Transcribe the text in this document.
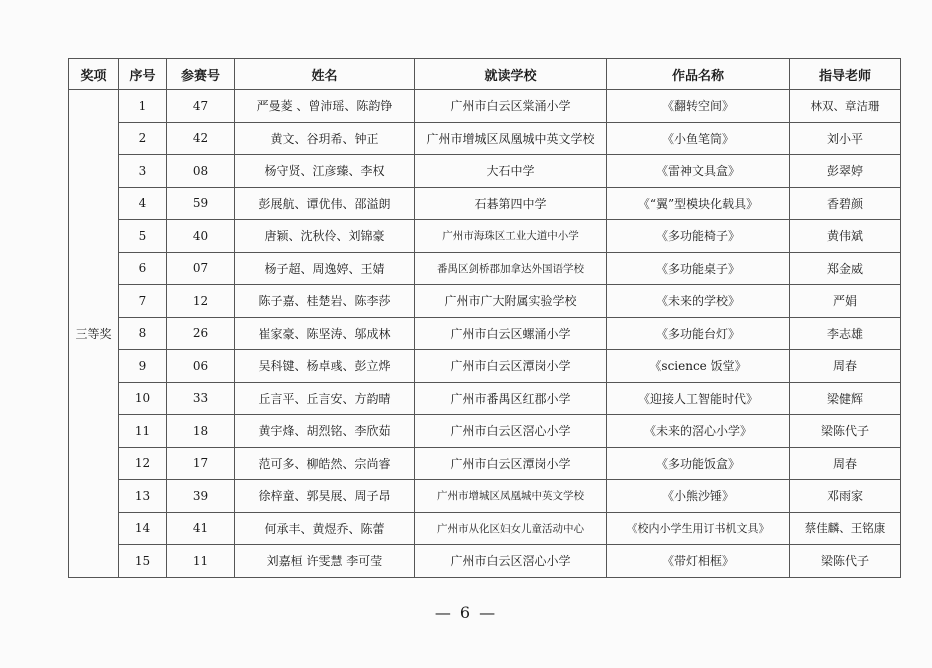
奖项	序号	参赛号	姓名	就读学校	作品名称	指导老师
三等奖	1	47	严曼菱 、曾沛瑶、陈韵铮	广州市白云区棠涌小学	《翻转空间》	林双、章洁珊
	2	42	黄文、谷玥希、钟正	广州市增城区凤凰城中英文学校	《小鱼笔筒》	刘小平
	3	08	杨守贤、江彦臻、李权	大石中学	《雷神文具盒》	彭翠婷
	4	59	彭展航、谭优伟、邵溢朗	石碁第四中学	《“翼”型模块化载具》	香碧颜
	5	40	唐颖、沈秋伶、刘锦豪	广州市海珠区工业大道中小学	《多功能椅子》	黄伟斌
	6	07	杨子超、周逸婷、王婧	番禺区剑桥郡加拿达外国语学校	《多功能桌子》	郑金威
	7	12	陈子嘉、桂楚岩、陈李莎	广州市广大附属实验学校	《未来的学校》	严娟
	8	26	崔家豪、陈坚涛、邬成林	广州市白云区螺涌小学	《多功能台灯》	李志雄
	9	06	吴科键、杨卓彧、彭立烨	广州市白云区潭岗小学	《science 饭堂》	周春
	10	33	丘言平、丘言安、方韵晴	广州市番禺区红郡小学	《迎接人工智能时代》	梁健辉
	11	18	黄宇烽、胡烈铭、李欣茹	广州市白云区滘心小学	《未来的滘心小学》	梁陈代子
	12	17	范可多、柳皓然、宗尚睿	广州市白云区潭岗小学	《多功能饭盒》	周春
	13	39	徐梓童、郭昊展、周子昂	广州市增城区凤凰城中英文学校	《小熊沙锤》	邓雨家
	14	41	何承丰、黄煜乔、陈蕾	广州市从化区妇女儿童活动中心	《校内小学生用订书机文具》	蔡佳麟、王铭康
	15	11	刘嘉桓 许雯慧 李可莹	广州市白云区滘心小学	《带灯相框》	梁陈代子
— 6 —
